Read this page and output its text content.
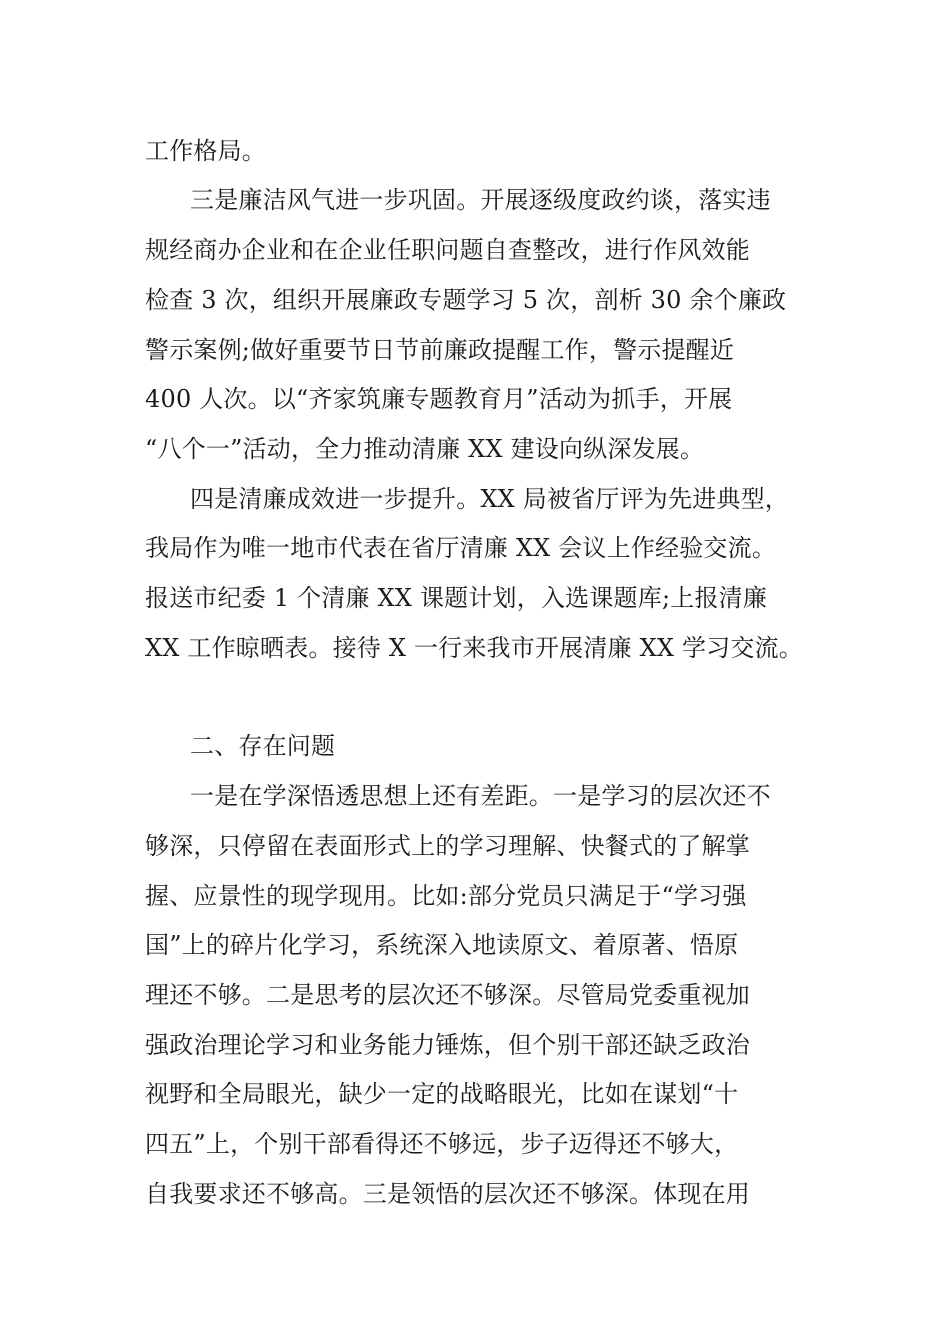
工作格局。
三是廉洁风气进一步巩固。开展逐级度政约谈，落实违
规经商办企业和在企业任职问题自查整改，进行作风效能
检查 3 次，组织开展廉政专题学习 5 次，剖析 30 余个廉政
警示案例;做好重要节日节前廉政提醒工作，警示提醒近
400 人次。以“齐家筑廉专题教育月”活动为抓手，开展
“八个一”活动，全力推动清廉 XX 建设向纵深发展。
四是清廉成效进一步提升。XX 局被省厅评为先进典型，
我局作为唯一地市代表在省厅清廉 XX 会议上作经验交流。
报送市纪委 1 个清廉 XX 课题计划，入选课题库;上报清廉
XX 工作晾晒表。接待 X 一行来我市开展清廉 XX 学习交流。
二、存在问题
一是在学深悟透思想上还有差距。一是学习的层次还不
够深，只停留在表面形式上的学习理解、快餐式的了解掌
握、应景性的现学现用。比如:部分党员只满足于“学习强
国”上的碎片化学习，系统深入地读原文、着原著、悟原
理还不够。二是思考的层次还不够深。尽管局党委重视加
强政治理论学习和业务能力锤炼，但个别干部还缺乏政治
视野和全局眼光，缺少一定的战略眼光，比如在谋划“十
四五”上，个别干部看得还不够远，步子迈得还不够大，
自我要求还不够高。三是领悟的层次还不够深。体现在用
